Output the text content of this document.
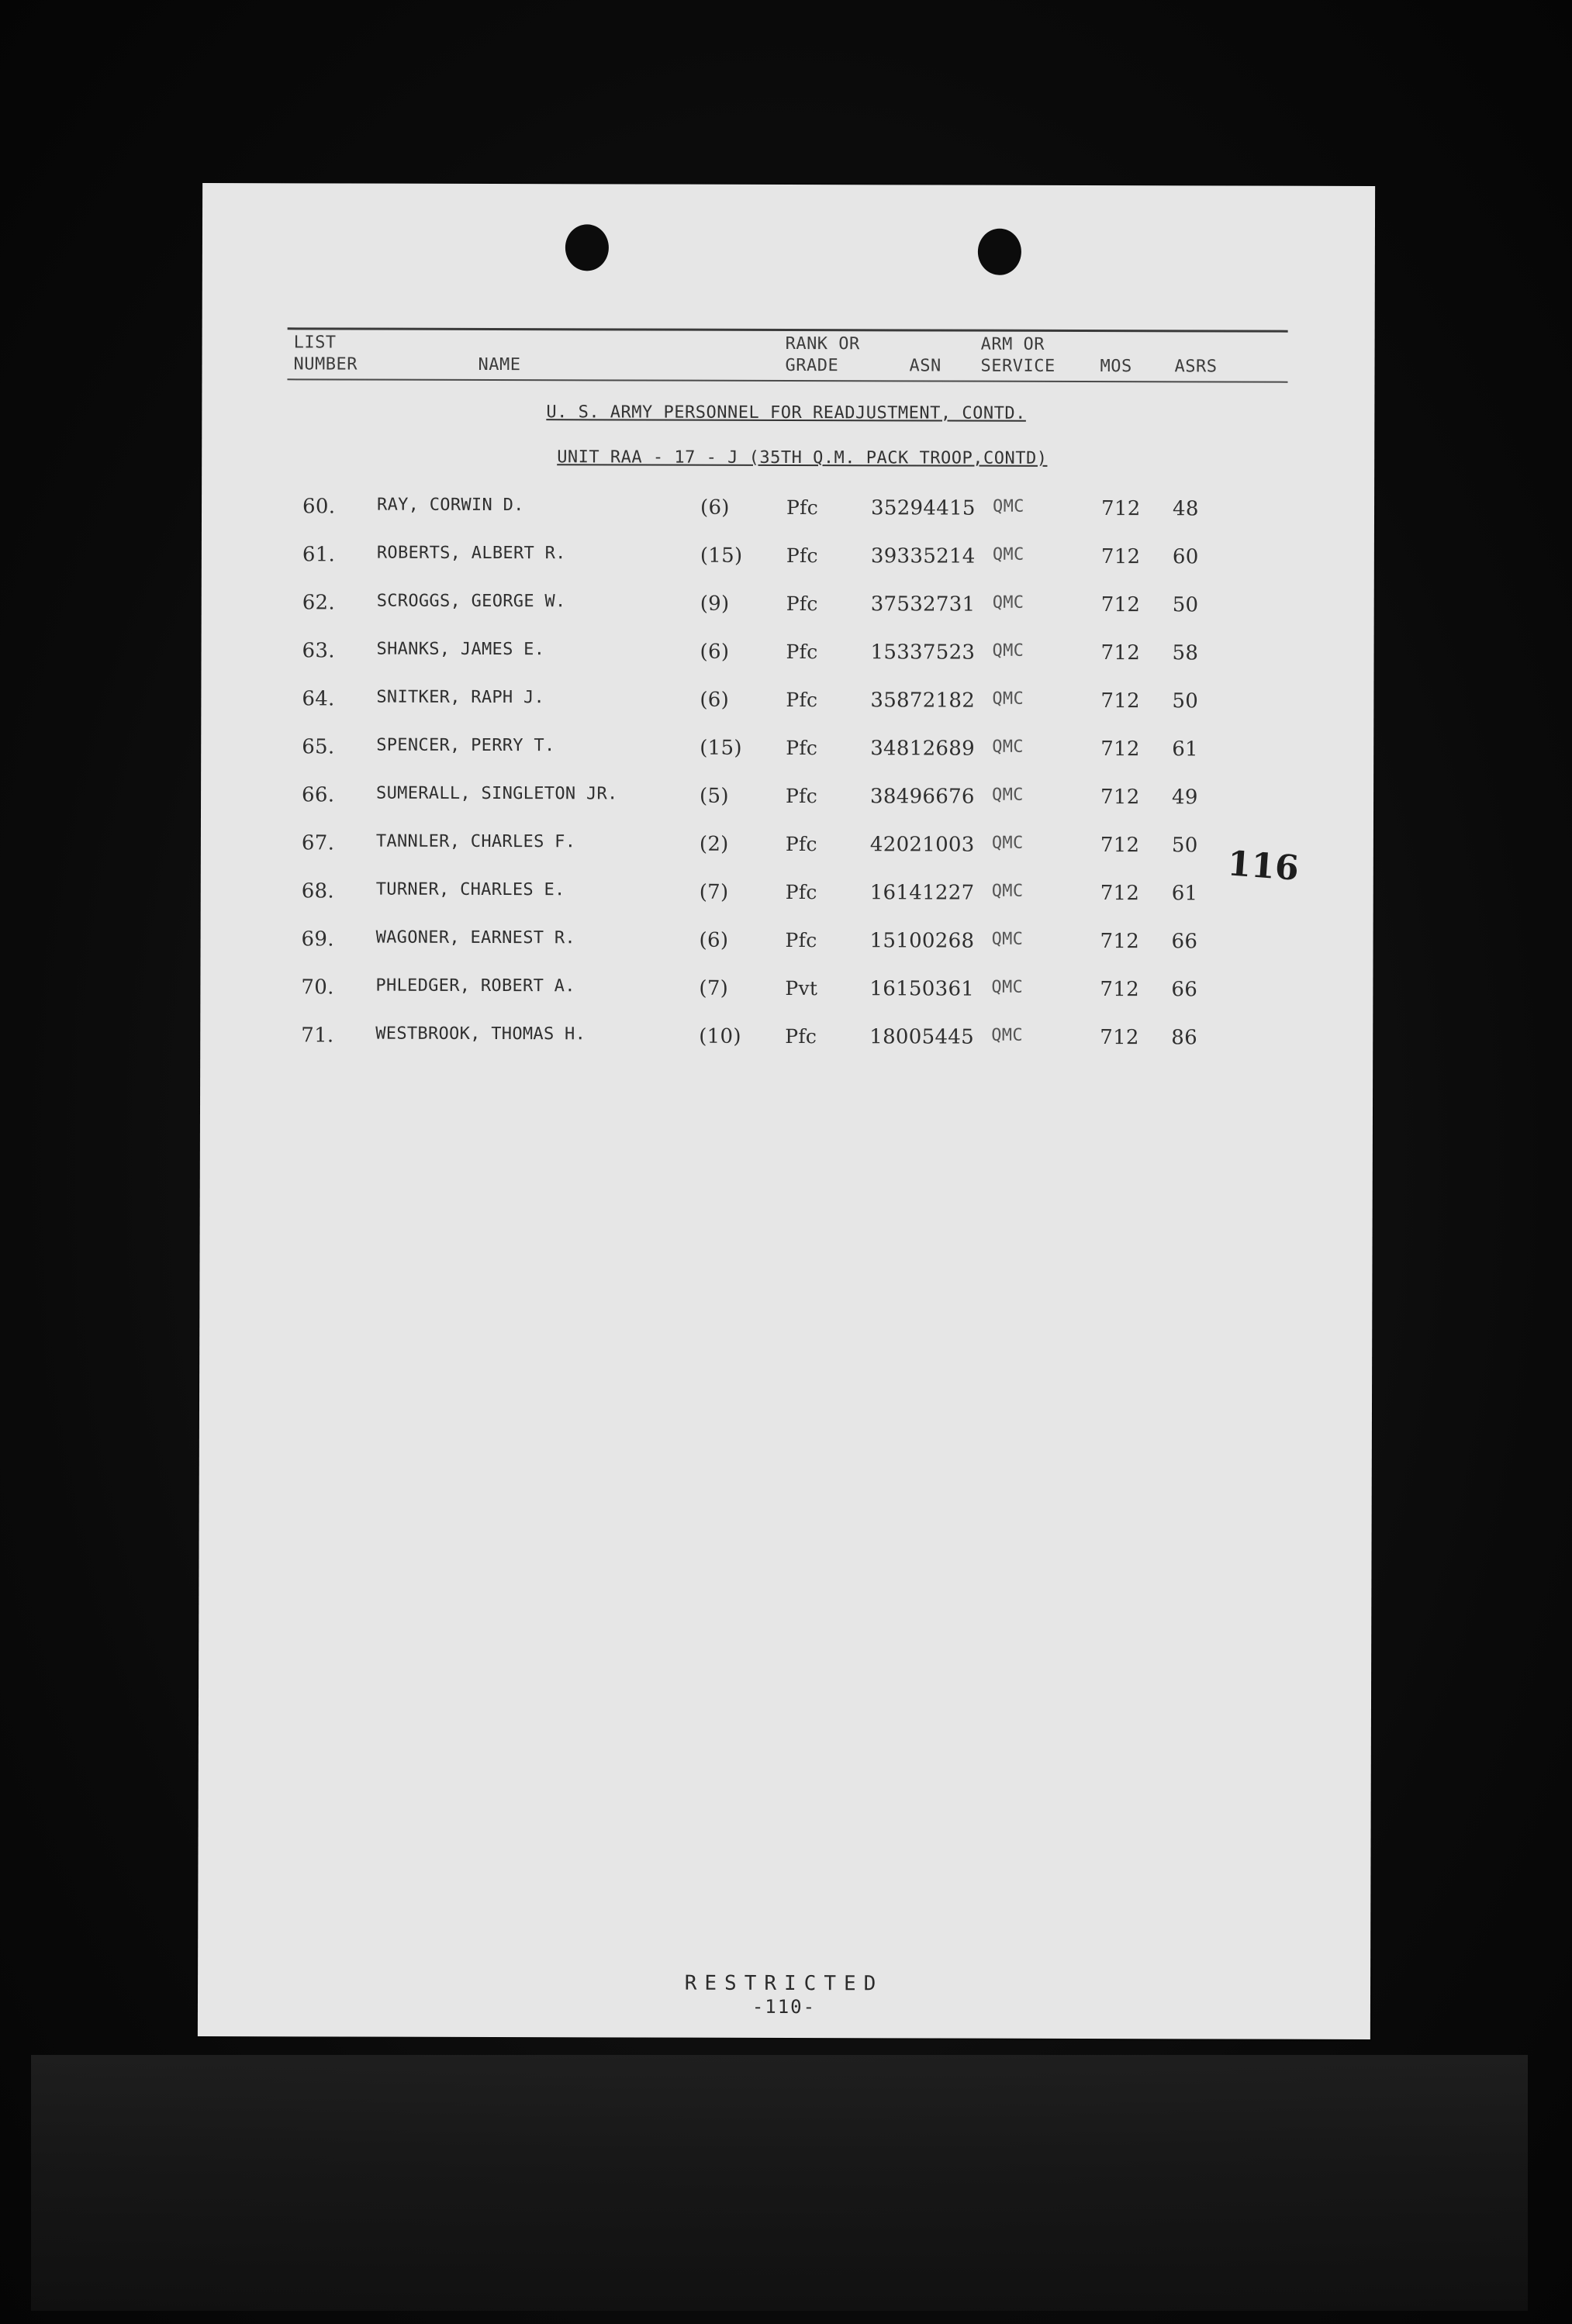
LIST
NUMBER	NAME
RANK OR
GRADE	ASN
ARM OR
SERVICE	MOS ASRS
U. S. ARMY PERSONNEL FOR READJUSTMENT, CONTD.
UNIT RAA - 17 - J (35TH Q.M. PACK TROOP,CONTD)
60. RAY, CORWIN D.	(6)	Pfc	35294415 QMC	712 48
61. ROBERTS, ALBERT R.	(15) Pfc	39335214 QMC	712 60
62. SCROGGS, GEORGE W.	(9)	Pfc	37532731 QMC	712 50
63. SHANKS, JAMES E.	(6)	Pfc	15337523 QMC	712 58
64. SNITKER, RAPH J.	(6)	Pfc	35872182 QMC	712 50
65. SPENCER, PERRY T.	(15) Pfc	34812689 QMC	712 61
66. SUMERALL, SINGLETON JR.	(5)	Pfc	38496676 QMC	712 49
67. TANNLER, CHARLES F.	(2)	Pfc	42021003 QMC	712 50
68. TURNER, CHARLES E.	(7)	Pfc	16141227 QMC	712 61
69. WAGONER, EARNEST R.	(6)	Pfc	15100268 QMC	712 66
70. PHLEDGER, ROBERT A.	(7)	Pvt	16150361 QMC	712 66
71. WESTBROOK, THOMAS H.	(10) Pfc	18005445 QMC	712 86
116
RESTRICTED
-110-
